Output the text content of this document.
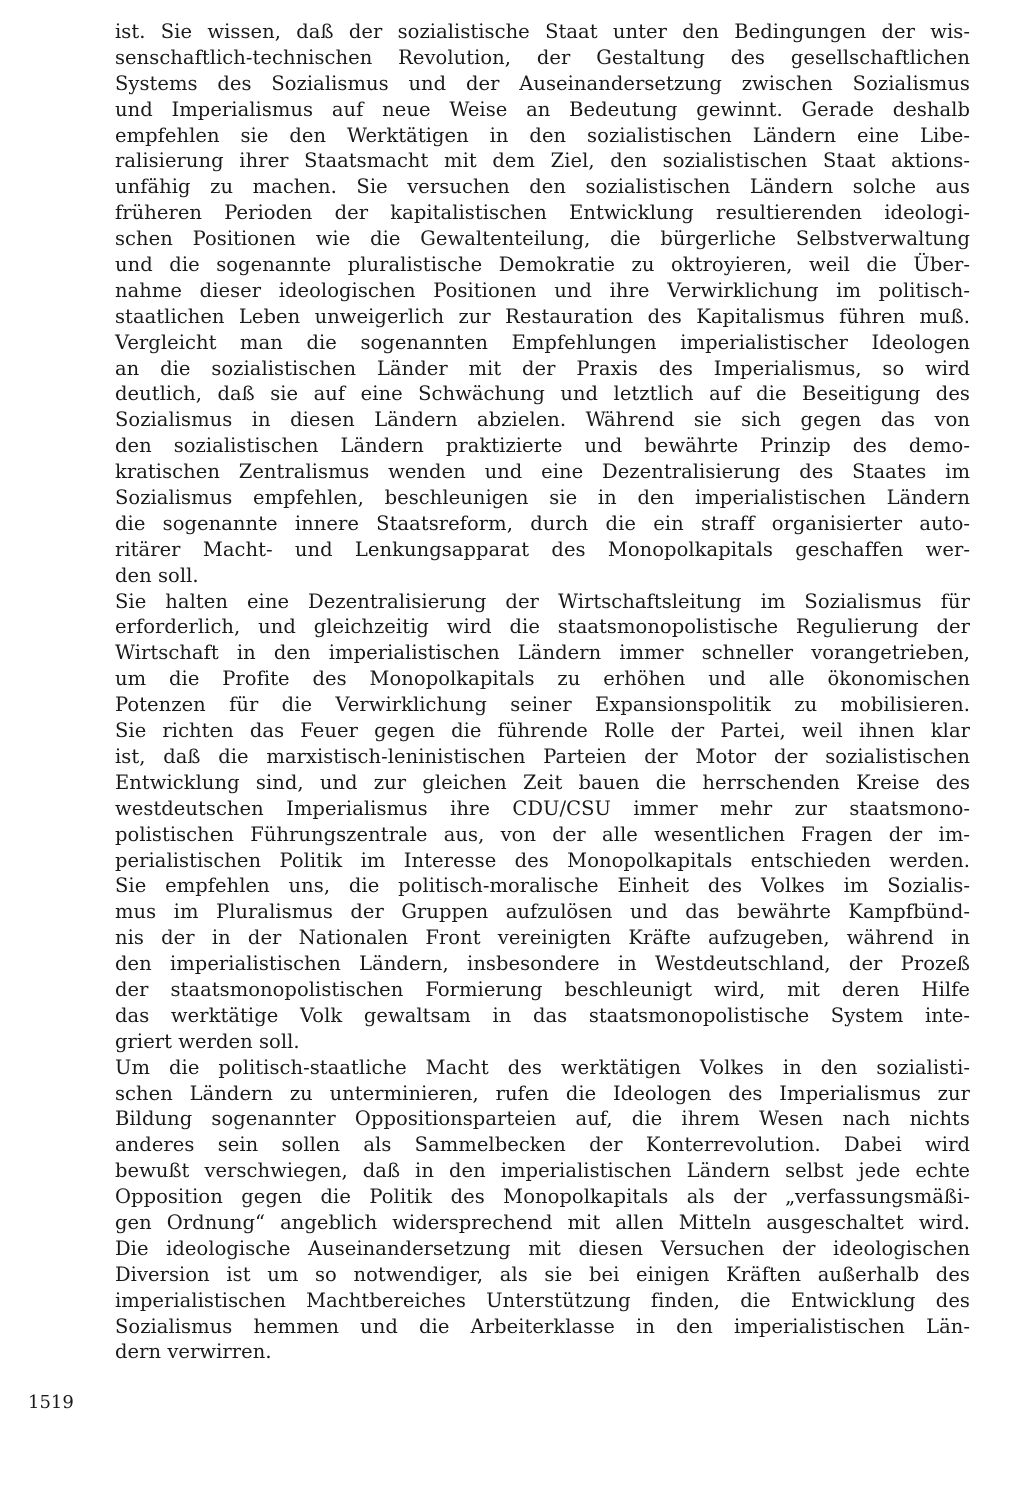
ist. Sie wissen, daß der sozialistische Staat unter den Bedingungen der wis-
senschaftlich-technischen Revolution, der Gestaltung des gesellschaftlichen
Systems des Sozialismus und der Auseinandersetzung zwischen Sozialismus
und Imperialismus auf neue Weise an Bedeutung gewinnt. Gerade deshalb
empfehlen sie den Werktätigen in den sozialistischen Ländern eine Libe-
ralisierung ihrer Staatsmacht mit dem Ziel, den sozialistischen Staat aktions-
unfähig zu machen. Sie versuchen den sozialistischen Ländern solche aus
früheren Perioden der kapitalistischen Entwicklung resultierenden ideologi-
schen Positionen wie die Gewaltenteilung, die bürgerliche Selbstverwaltung
und die sogenannte pluralistische Demokratie zu oktroyieren, weil die Über-
nahme dieser ideologischen Positionen und ihre Verwirklichung im politisch-
staatlichen Leben unweigerlich zur Restauration des Kapitalismus führen muß.
Vergleicht man die sogenannten Empfehlungen imperialistischer Ideologen
an die sozialistischen Länder mit der Praxis des Imperialismus, so wird
deutlich, daß sie auf eine Schwächung und letztlich auf die Beseitigung des
Sozialismus in diesen Ländern abzielen. Während sie sich gegen das von
den sozialistischen Ländern praktizierte und bewährte Prinzip des demo-
kratischen Zentralismus wenden und eine Dezentralisierung des Staates im
Sozialismus empfehlen, beschleunigen sie in den imperialistischen Ländern
die sogenannte innere Staatsreform, durch die ein straff organisierter auto-
ritärer Macht- und Lenkungsapparat des Monopolkapitals geschaffen wer-
den soll.
Sie halten eine Dezentralisierung der Wirtschaftsleitung im Sozialismus für
erforderlich, und gleichzeitig wird die staatsmonopolistische Regulierung der
Wirtschaft in den imperialistischen Ländern immer schneller vorangetrieben,
um die Profite des Monopolkapitals zu erhöhen und alle ökonomischen
Potenzen für die Verwirklichung seiner Expansionspolitik zu mobilisieren.
Sie richten das Feuer gegen die führende Rolle der Partei, weil ihnen klar
ist, daß die marxistisch-leninistischen Parteien der Motor der sozialistischen
Entwicklung sind, und zur gleichen Zeit bauen die herrschenden Kreise des
westdeutschen Imperialismus ihre CDU/CSU immer mehr zur staatsmono-
polistischen Führungszentrale aus, von der alle wesentlichen Fragen der im-
perialistischen Politik im Interesse des Monopolkapitals entschieden werden.
Sie empfehlen uns, die politisch-moralische Einheit des Volkes im Sozialis-
mus im Pluralismus der Gruppen aufzulösen und das bewährte Kampfbünd-
nis der in der Nationalen Front vereinigten Kräfte aufzugeben, während in
den imperialistischen Ländern, insbesondere in Westdeutschland, der Prozeß
der staatsmonopolistischen Formierung beschleunigt wird, mit deren Hilfe
das werktätige Volk gewaltsam in das staatsmonopolistische System inte-
griert werden soll.
Um die politisch-staatliche Macht des werktätigen Volkes in den sozialisti-
schen Ländern zu unterminieren, rufen die Ideologen des Imperialismus zur
Bildung sogenannter Oppositionsparteien auf, die ihrem Wesen nach nichts
anderes sein sollen als Sammelbecken der Konterrevolution. Dabei wird
bewußt verschwiegen, daß in den imperialistischen Ländern selbst jede echte
Opposition gegen die Politik des Monopolkapitals als der „verfassungsmäßi-
gen Ordnung“ angeblich widersprechend mit allen Mitteln ausgeschaltet wird.
Die ideologische Auseinandersetzung mit diesen Versuchen der ideologischen
Diversion ist um so notwendiger, als sie bei einigen Kräften außerhalb des
imperialistischen Machtbereiches Unterstützung finden, die Entwicklung des
Sozialismus hemmen und die Arbeiterklasse in den imperialistischen Län-
dern verwirren.
1519
